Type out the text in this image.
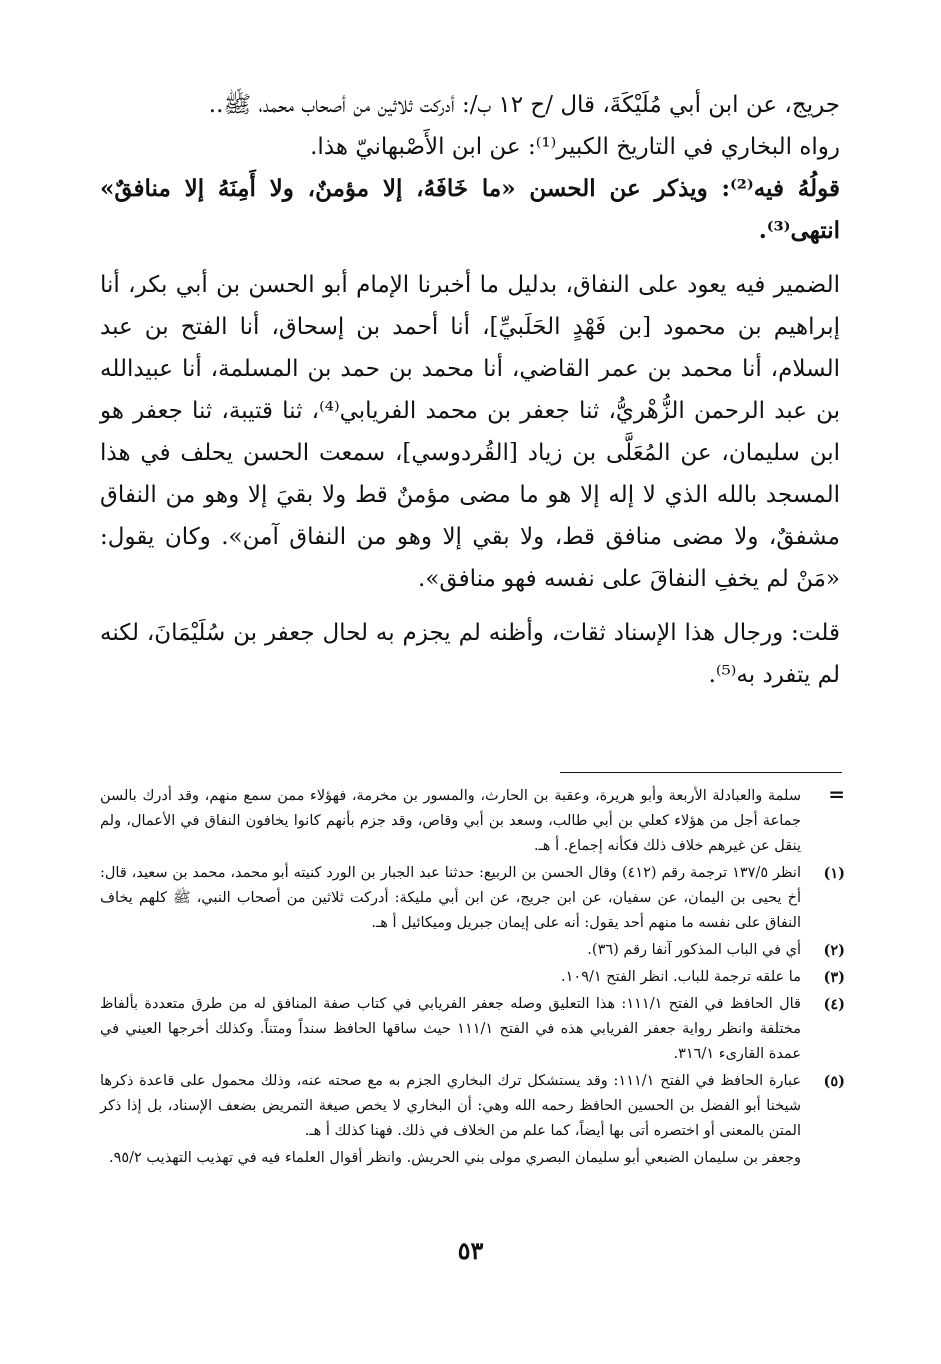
جريج، عن ابن أبي مُلَيْكَةَ، قال /ح ١٢ ب/: أدركت ثلاثين من أصحاب محمد، ﷺ..

رواه البخاري في التاريخ الكبير⁽¹⁾: عن ابن الأَصْبهانيّ هذا.

قولُهُ فيه⁽²⁾: ويذكر عن الحسن «ما خَافَهُ، إلا مؤمنٌ، ولا أَمِنَهُ إلا منافقٌ» انتهى⁽³⁾.

الضمير فيه يعود على النفاق، بدليل ما أخبرنا الإمام أبو الحسن بن أبي بكر، أنا إبراهيم بن محمود [بن فَهْدٍ الحَلَبيِّ]، أنا أحمد بن إسحاق، أنا الفتح بن عبد السلام، أنا محمد بن عمر القاضي، أنا محمد بن حمد بن المسلمة، أنا عبيدالله بن عبد الرحمن الزُّهْريُّ، ثنا جعفر بن محمد الفريابي⁽⁴⁾، ثنا قتيبة، ثنا جعفر هو ابن سليمان، عن المُعَلَّى بن زياد [القُردوسي]، سمعت الحسن يحلف في هذا المسجد بالله الذي لا إله إلا هو ما مضى مؤمنٌ قط ولا بقيَ إلا وهو من النفاق مشفقٌ، ولا مضى منافق قط، ولا بقي إلا وهو من النفاق آمن». وكان يقول: «مَنْ لم يخفِ النفاقَ على نفسه فهو منافق».

قلت: ورجال هذا الإسناد ثقات، وأظنه لم يجزم به لحال جعفر بن سُلَيْمَانَ، لكنه لم يتفرد به⁽⁵⁾.

=
سلمة والعبادلة الأربعة وأبو هريرة، وعقبة بن الحارث، والمسور بن مخرمة، فهؤلاء ممن سمع منهم، وقد أدرك بالسن جماعة أجل من هؤلاء كعلي بن أبي طالب، وسعد بن أبي وقاص، وقد جزم بأنهم كانوا يخافون النفاق في الأعمال، ولم ينقل عن غيرهم خلاف ذلك فكأنه إجماع. أ هـ.
(١)
انظر ١٣٧/٥ ترجمة رقم (٤١٢) وقال الحسن بن الربيع: حدثنا عبد الجبار بن الورد كنيته أبو محمد، محمد بن سعيد، قال: أخ يحيى بن اليمان، عن سفيان، عن ابن جريج، عن ابن أبي مليكة: أدركت ثلاثين من أصحاب النبي، ﷺ كلهم يخاف النفاق على نفسه ما منهم أحد يقول: أنه على إيمان جبريل وميكائيل أ هـ.
(٢)
أي في الباب المذكور آنفا رقم (٣٦).
(٣)
ما علقه ترجمة للباب. انظر الفتح ١٠٩/١.
(٤)
قال الحافظ في الفتح ١١١/١: هذا التعليق وصله جعفر الفريابي في كتاب صفة المنافق له من طرق متعددة بألفاظ مختلفة وانظر رواية جعفر الفريابي هذه في الفتح ١١١/١ حيث ساقها الحافظ سنداً ومتناً. وكذلك أخرجها العيني في عمدة القارىء ٣١٦/١.
(٥)
عبارة الحافظ في الفتح ١١١/١: وقد يستشكل ترك البخاري الجزم به مع صحته عنه، وذلك محمول على قاعدة ذكرها شيخنا أبو الفضل بن الحسين الحافظ رحمه الله وهي: أن البخاري لا يخص صيغة التمريض بضعف الإسناد، بل إذا ذكر المتن بالمعنى أو اختصره أتى بها أيضاً، كما علم من الخلاف في ذلك. فهنا كذلك أ هـ.
وجعفر بن سليمان الضبعي أبو سليمان البصري مولى بني الحريش. وانظر أقوال العلماء فيه في تهذيب التهذيب ٩٥/٢.
٥٣
